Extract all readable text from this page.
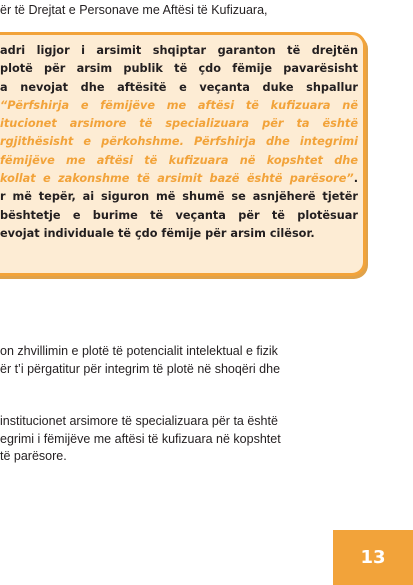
ër të Drejtat e Personave me Aftësi të Kufizuara,
adri ligjor i arsimit shqiptar garanton të drejtën
plotë për arsim publik të çdo fëmije pavarësisht
a nevojat dhe aftësitë e veçanta duke shpallur
“Përfshirja e fëmijëve me aftësi të kufizuara në
itucionet arsimore të specializuara për ta është
rgjithësisht e përkohshme. Përfshirja dhe integrimi
fëmijëve me aftësi të kufizuara në kopshtet dhe
kollat e zakonshme të arsimit bazë është parësore”.
r më tepër, ai siguron më shumë se asnjëherë tjetër
bështetje e burime të veçanta për të plotësuar
evojat individuale të çdo fëmije për arsim cilësor.
on zhvillimin e plotë të potencialit intelektual e fizik
ër t’i përgatitur për integrim të plotë në shoqëri dhe
institucionet arsimore të specializuara për ta është
egrimi i fëmijëve me aftësi të kufizuara në kopshtet
të parësore.
13
